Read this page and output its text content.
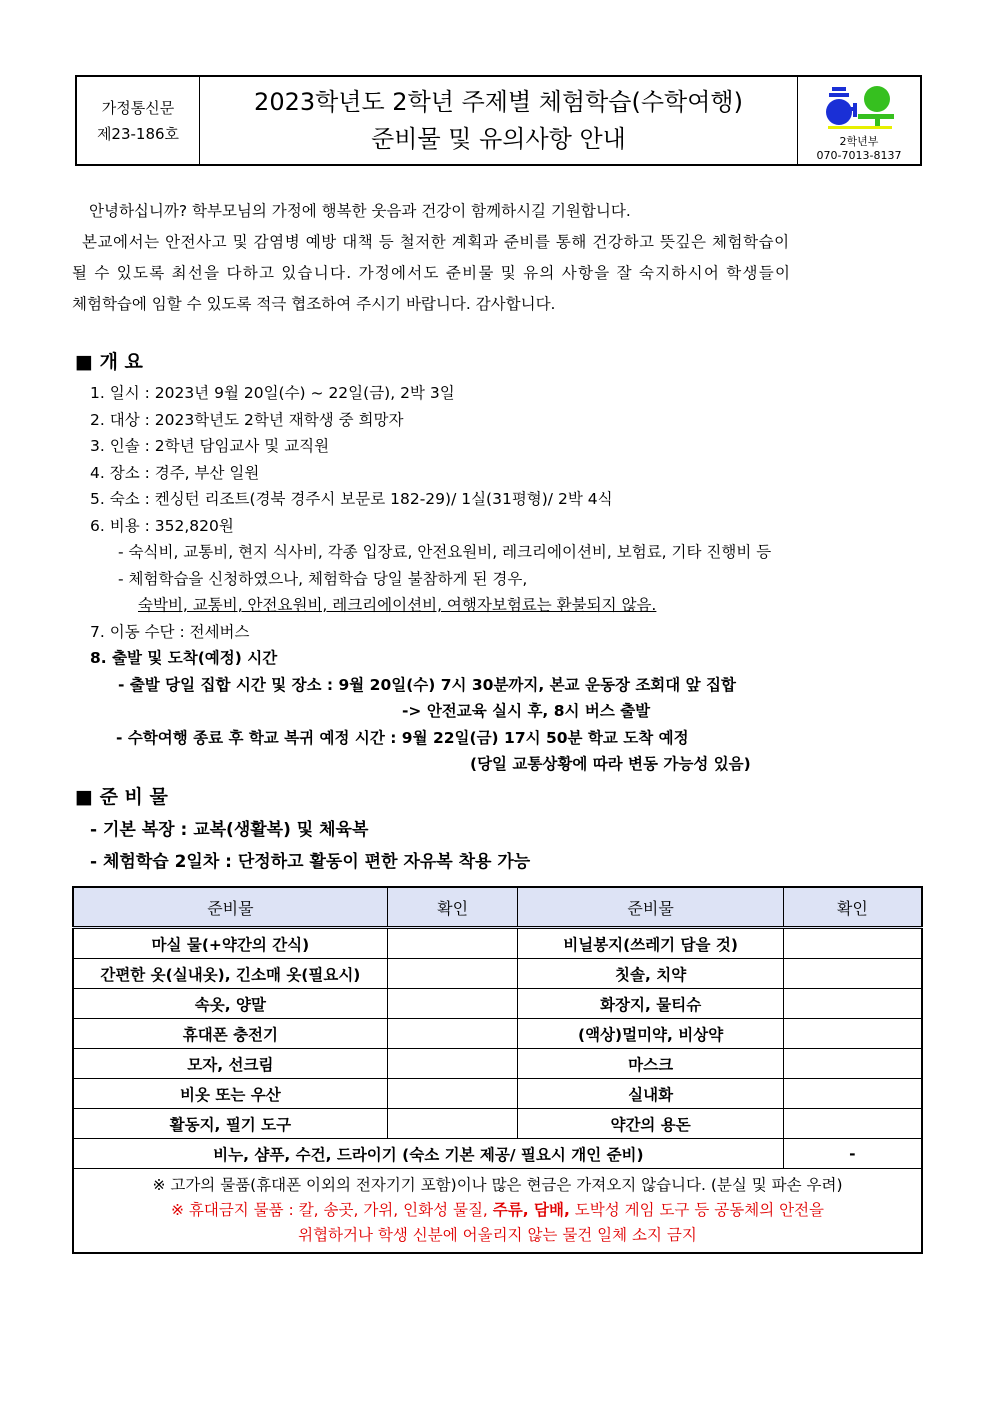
가정통신문
제23-186호
2023학년도 2학년 주제별 체험학습(수학여행)
준비물 및 유의사항 안내	2학년부
070-7013-8137

안녕하십니까? 학부모님의 가정에 행복한 웃음과 건강이 함께하시길 기원합니다.

본교에서는 안전사고 및 감염병 예방 대책 등 철저한 계획과 준비를 통해 건강하고 뜻깊은 체험학습이

될 수 있도록 최선을 다하고 있습니다. 가정에서도 준비물 및 유의 사항을 잘 숙지하시어 학생들이

체험학습에 임할 수 있도록 적극 협조하여 주시기 바랍니다. 감사합니다.

■ 개 요
1. 일시 : 2023년 9월 20일(수) ~ 22일(금), 2박 3일
2. 대상 : 2023학년도 2학년 재학생 중 희망자
3. 인솔 : 2학년 담임교사 및 교직원
4. 장소 : 경주, 부산 일원
5. 숙소 : 켄싱턴 리조트(경북 경주시 보문로 182-29)/ 1실(31평형)/ 2박 4식
6. 비용 : 352,820원
- 숙식비, 교통비, 현지 식사비, 각종 입장료, 안전요원비, 레크리에이션비, 보험료, 기타 진행비 등
- 체험학습을 신청하였으나, 체험학습 당일 불참하게 된 경우,
숙박비, 교통비, 안전요원비, 레크리에이션비, 여행자보험료는 환불되지 않음.
7. 이동 수단 : 전세버스
8. 출발 및 도착(예정) 시간
- 출발 당일 집합 시간 및 장소 : 9월 20일(수) 7시 30분까지, 본교 운동장 조회대 앞 집합
-> 안전교육 실시 후, 8시 버스 출발
- 수학여행 종료 후 학교 복귀 예정 시간 : 9월 22일(금) 17시 50분 학교 도착 예정
(당일 교통상황에 따라 변동 가능성 있음)
■ 준 비 물
- 기본 복장 : 교복(생활복) 및 체육복
- 체험학습 2일차 : 단정하고 활동이 편한 자유복 착용 가능
준비물	확인	준비물	확인
마실 물(+약간의 간식)		비닐봉지(쓰레기 담을 것)	
간편한 옷(실내옷), 긴소매 옷(필요시)		칫솔, 치약	
속옷, 양말		화장지, 물티슈	
휴대폰 충전기		(액상)멀미약, 비상약	
모자, 선크림		마스크	
비옷 또는 우산		실내화	
활동지, 필기 도구		약간의 용돈	
비누, 샴푸, 수건, 드라이기 (숙소 기본 제공/ 필요시 개인 준비)			-

※ 고가의 물품(휴대폰 이외의 전자기기 포함)이나 많은 현금은 가져오지 않습니다. (분실 및 파손 우려)
※ 휴대금지 물품 : 칼, 송곳, 가위, 인화성 물질, 주류, 담배, 도박성 게임 도구 등 공동체의 안전을
위협하거나 학생 신분에 어울리지 않는 물건 일체 소지 금지			
